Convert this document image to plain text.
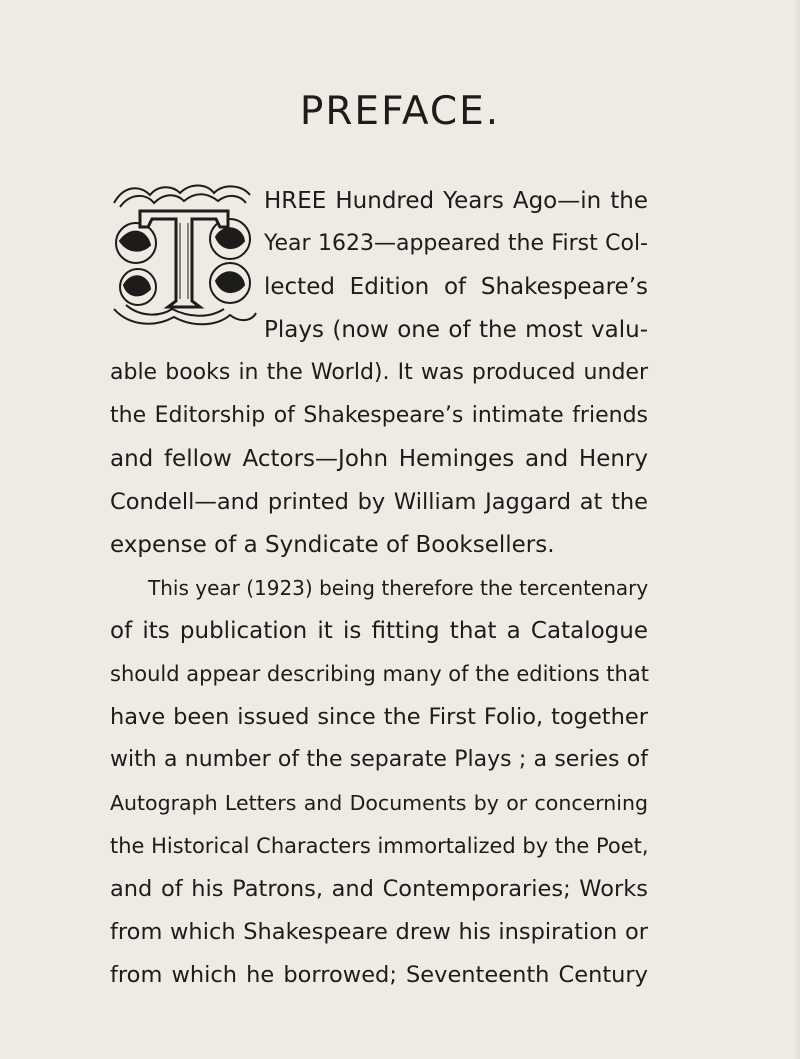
PREFACE.
HREE Hundred Years Ago—in the
Year 1623—appeared the First Col-
lected Edition of Shakespeare’s
Plays (now one of the most valu-
able books in the World). It was produced under
the Editorship of Shakespeare’s intimate friends
and fellow Actors—John Heminges and Henry
Condell—and printed by William Jaggard at the
expense of a Syndicate of Booksellers.
This year (1923) being therefore the tercentenary
of its publication it is fitting that a Catalogue
should appear describing many of the editions that
have been issued since the First Folio, together
with a number of the separate Plays ; a series of
Autograph Letters and Documents by or concerning
the Historical Characters immortalized by the Poet,
and of his Patrons, and Contemporaries; Works
from which Shakespeare drew his inspiration or
from which he borrowed; Seventeenth Century
